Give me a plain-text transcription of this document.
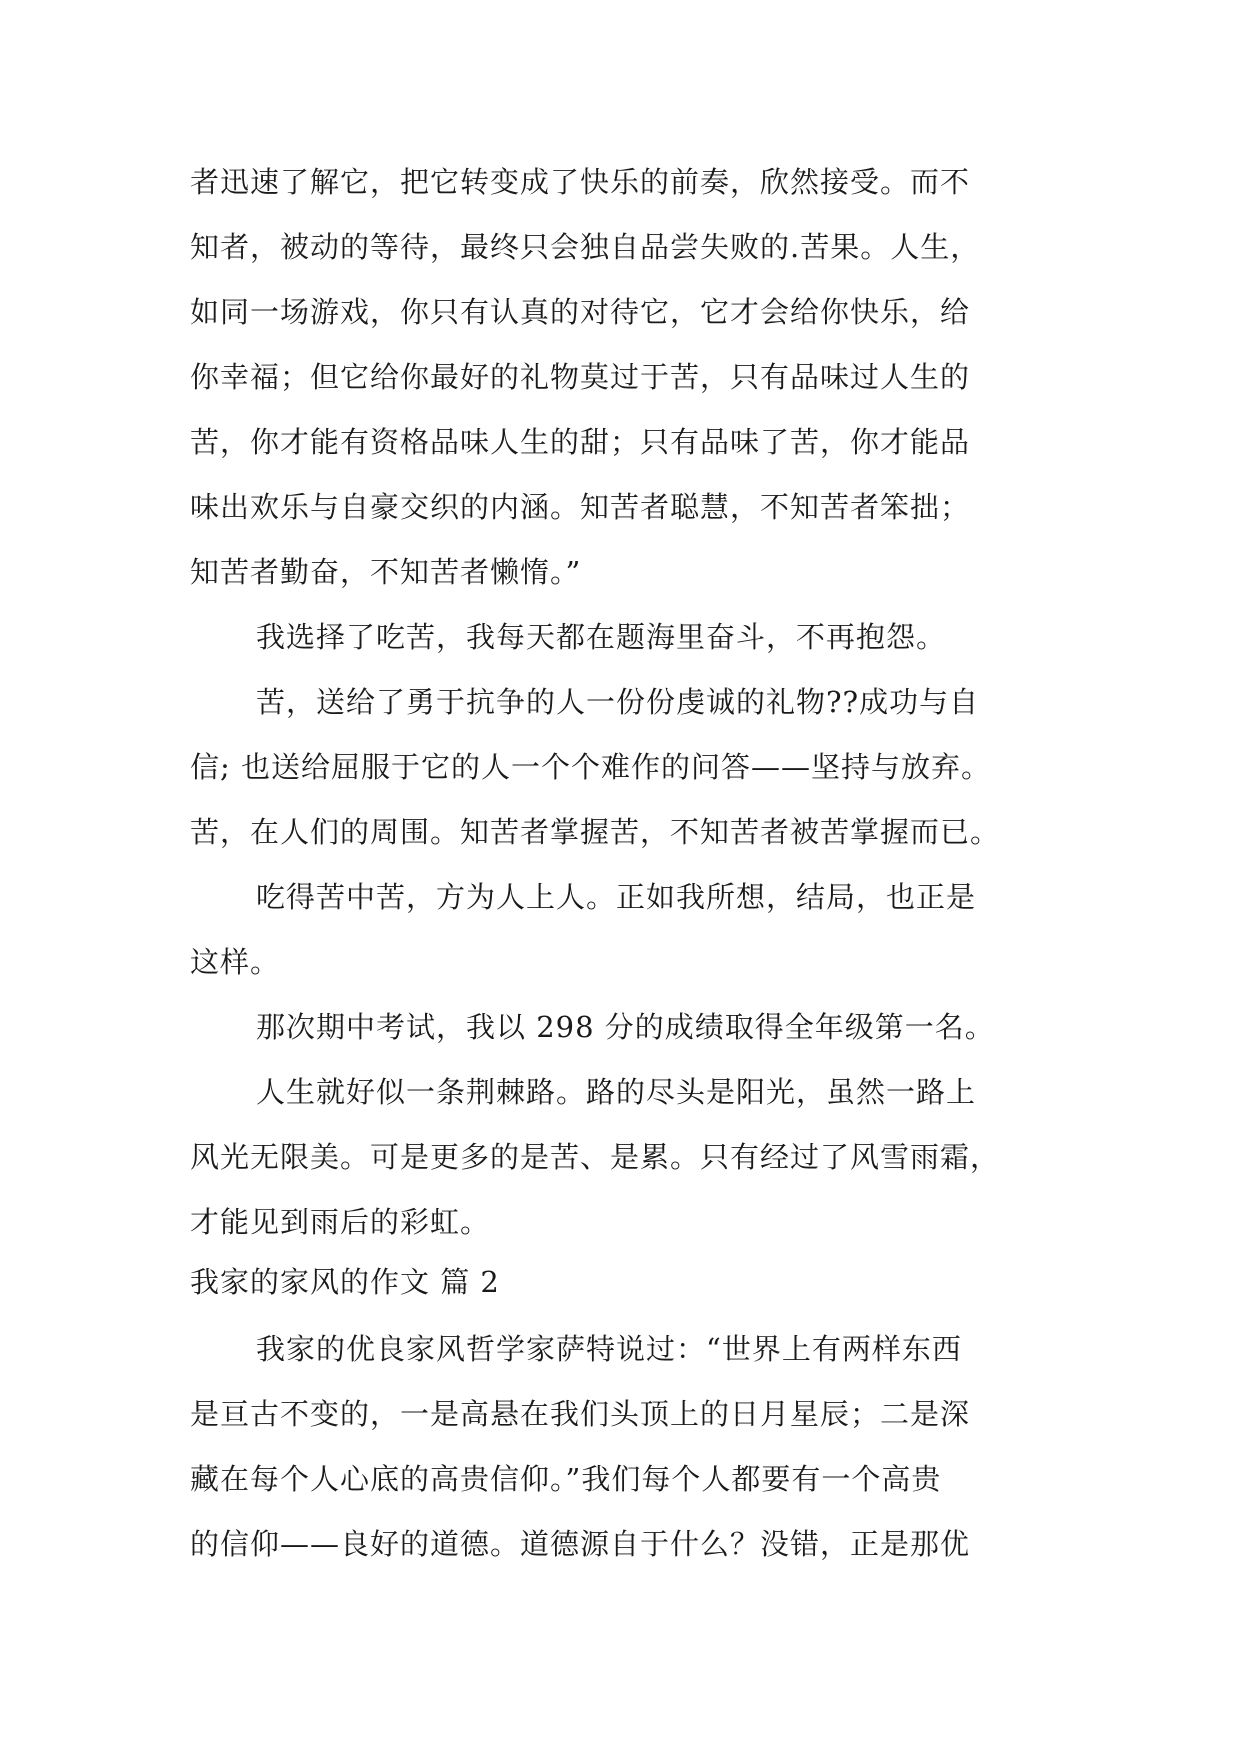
者迅速了解它，把它转变成了快乐的前奏，欣然接受。而不
知者，被动的等待，最终只会独自品尝失败的.苦果。人生，
如同一场游戏，你只有认真的对待它，它才会给你快乐，给
你幸福；但它给你最好的礼物莫过于苦，只有品味过人生的
苦，你才能有资格品味人生的甜；只有品味了苦，你才能品
味出欢乐与自豪交织的内涵。知苦者聪慧，不知苦者笨拙；
知苦者勤奋，不知苦者懒惰。”
我选择了吃苦，我每天都在题海里奋斗，不再抱怨。
苦，送给了勇于抗争的人一份份虔诚的礼物??成功与自
信; 也送给屈服于它的人一个个难作的问答——坚持与放弃。
苦，在人们的周围。知苦者掌握苦，不知苦者被苦掌握而已。
吃得苦中苦，方为人上人。正如我所想，结局，也正是
这样。
那次期中考试，我以 298 分的成绩取得全年级第一名。
人生就好似一条荆棘路。路的尽头是阳光，虽然一路上
风光无限美。可是更多的是苦、是累。只有经过了风雪雨霜，
才能见到雨后的彩虹。
我家的家风的作文 篇 2
我家的优良家风哲学家萨特说过：“世界上有两样东西
是亘古不变的，一是高悬在我们头顶上的日月星辰；二是深
藏在每个人心底的高贵信仰。”我们每个人都要有一个高贵
的信仰——良好的道德。道德源自于什么？没错，正是那优
